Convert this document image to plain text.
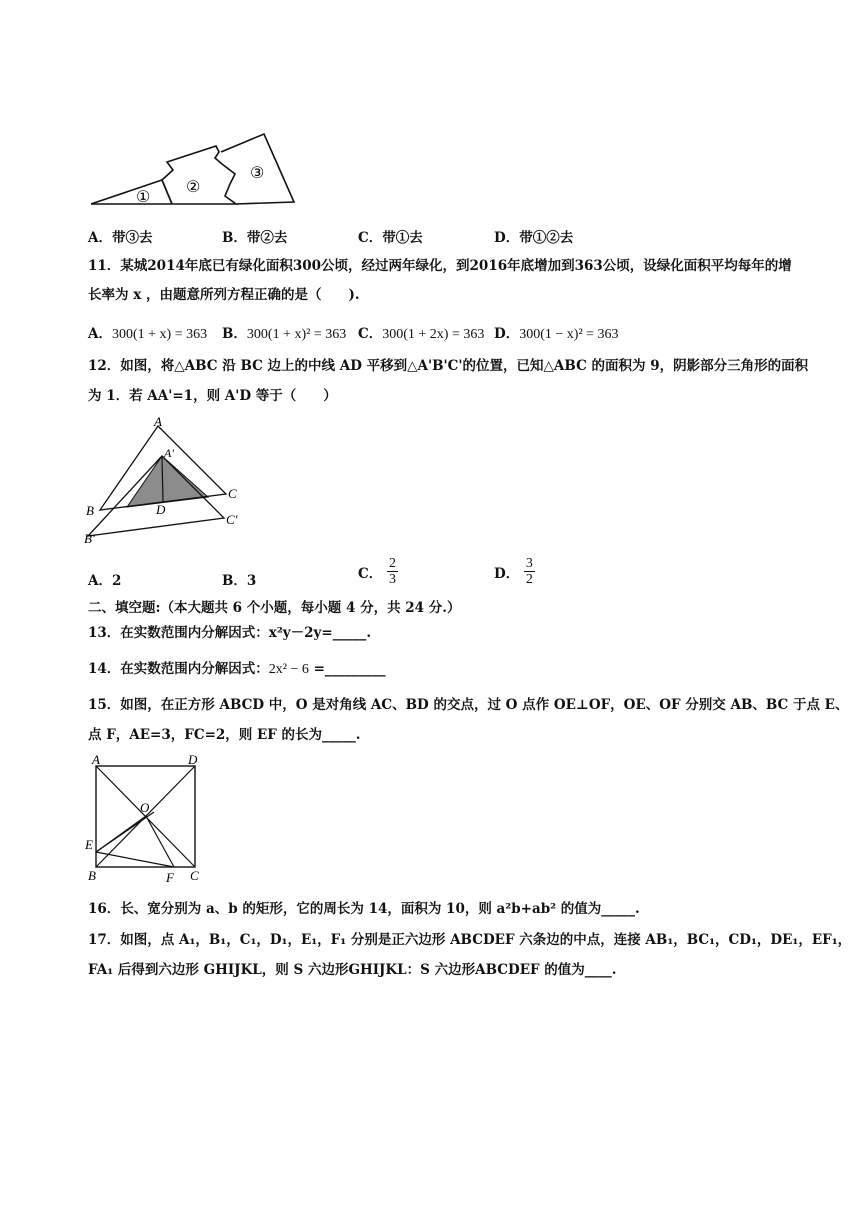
①
②
③
A．带③去	B．带②去	C．带①去	D．带①②去
11．某城2014年底已有绿化面积300公顷，经过两年绿化，到2016年底增加到363公顷，设绿化面积平均每年的增
长率为 x ，由题意所列方程正确的是（　　).
A．300(1 + x) = 363 B．300(1 + x)² = 363 C．300(1 + 2x) = 363 D．300(1 − x)² = 363
12．如图，将△ABC 沿 BC 边上的中线 AD 平移到△A'B'C'的位置，已知△ABC 的面积为 9，阴影部分三角形的面积
为 1．若 AA'=1，则 A'D 等于（　　）
A
A'
B
C
D
B'
C'
A．2	B．3	C． $\frac{2}{3}$	D． $\frac{3}{2}$
二、填空题:（本大题共 6 个小题，每小题 4 分，共 24 分.）
13．在实数范围内分解因式：x²y－2y=_____.
14．在实数范围内分解因式：2x² − 6 =_________
15．如图，在正方形 ABCD 中，O 是对角线 AC、BD 的交点，过 O 点作 OE⊥OF，OE、OF 分别交 AB、BC 于点 E、
点 F，AE=3，FC=2，则 EF 的长为_____.
A	D
O
E
B	F C
16．长、宽分别为 a、b 的矩形，它的周长为 14，面积为 10，则 a²b+ab² 的值为_____.
17．如图，点 A₁，B₁，C₁，D₁，E₁，F₁ 分别是正六边形 ABCDEF 六条边的中点，连接 AB₁，BC₁，CD₁，DE₁，EF₁，
FA₁ 后得到六边形 GHIJKL，则 S 六边形GHIJKL：S 六边形ABCDEF 的值为____.
